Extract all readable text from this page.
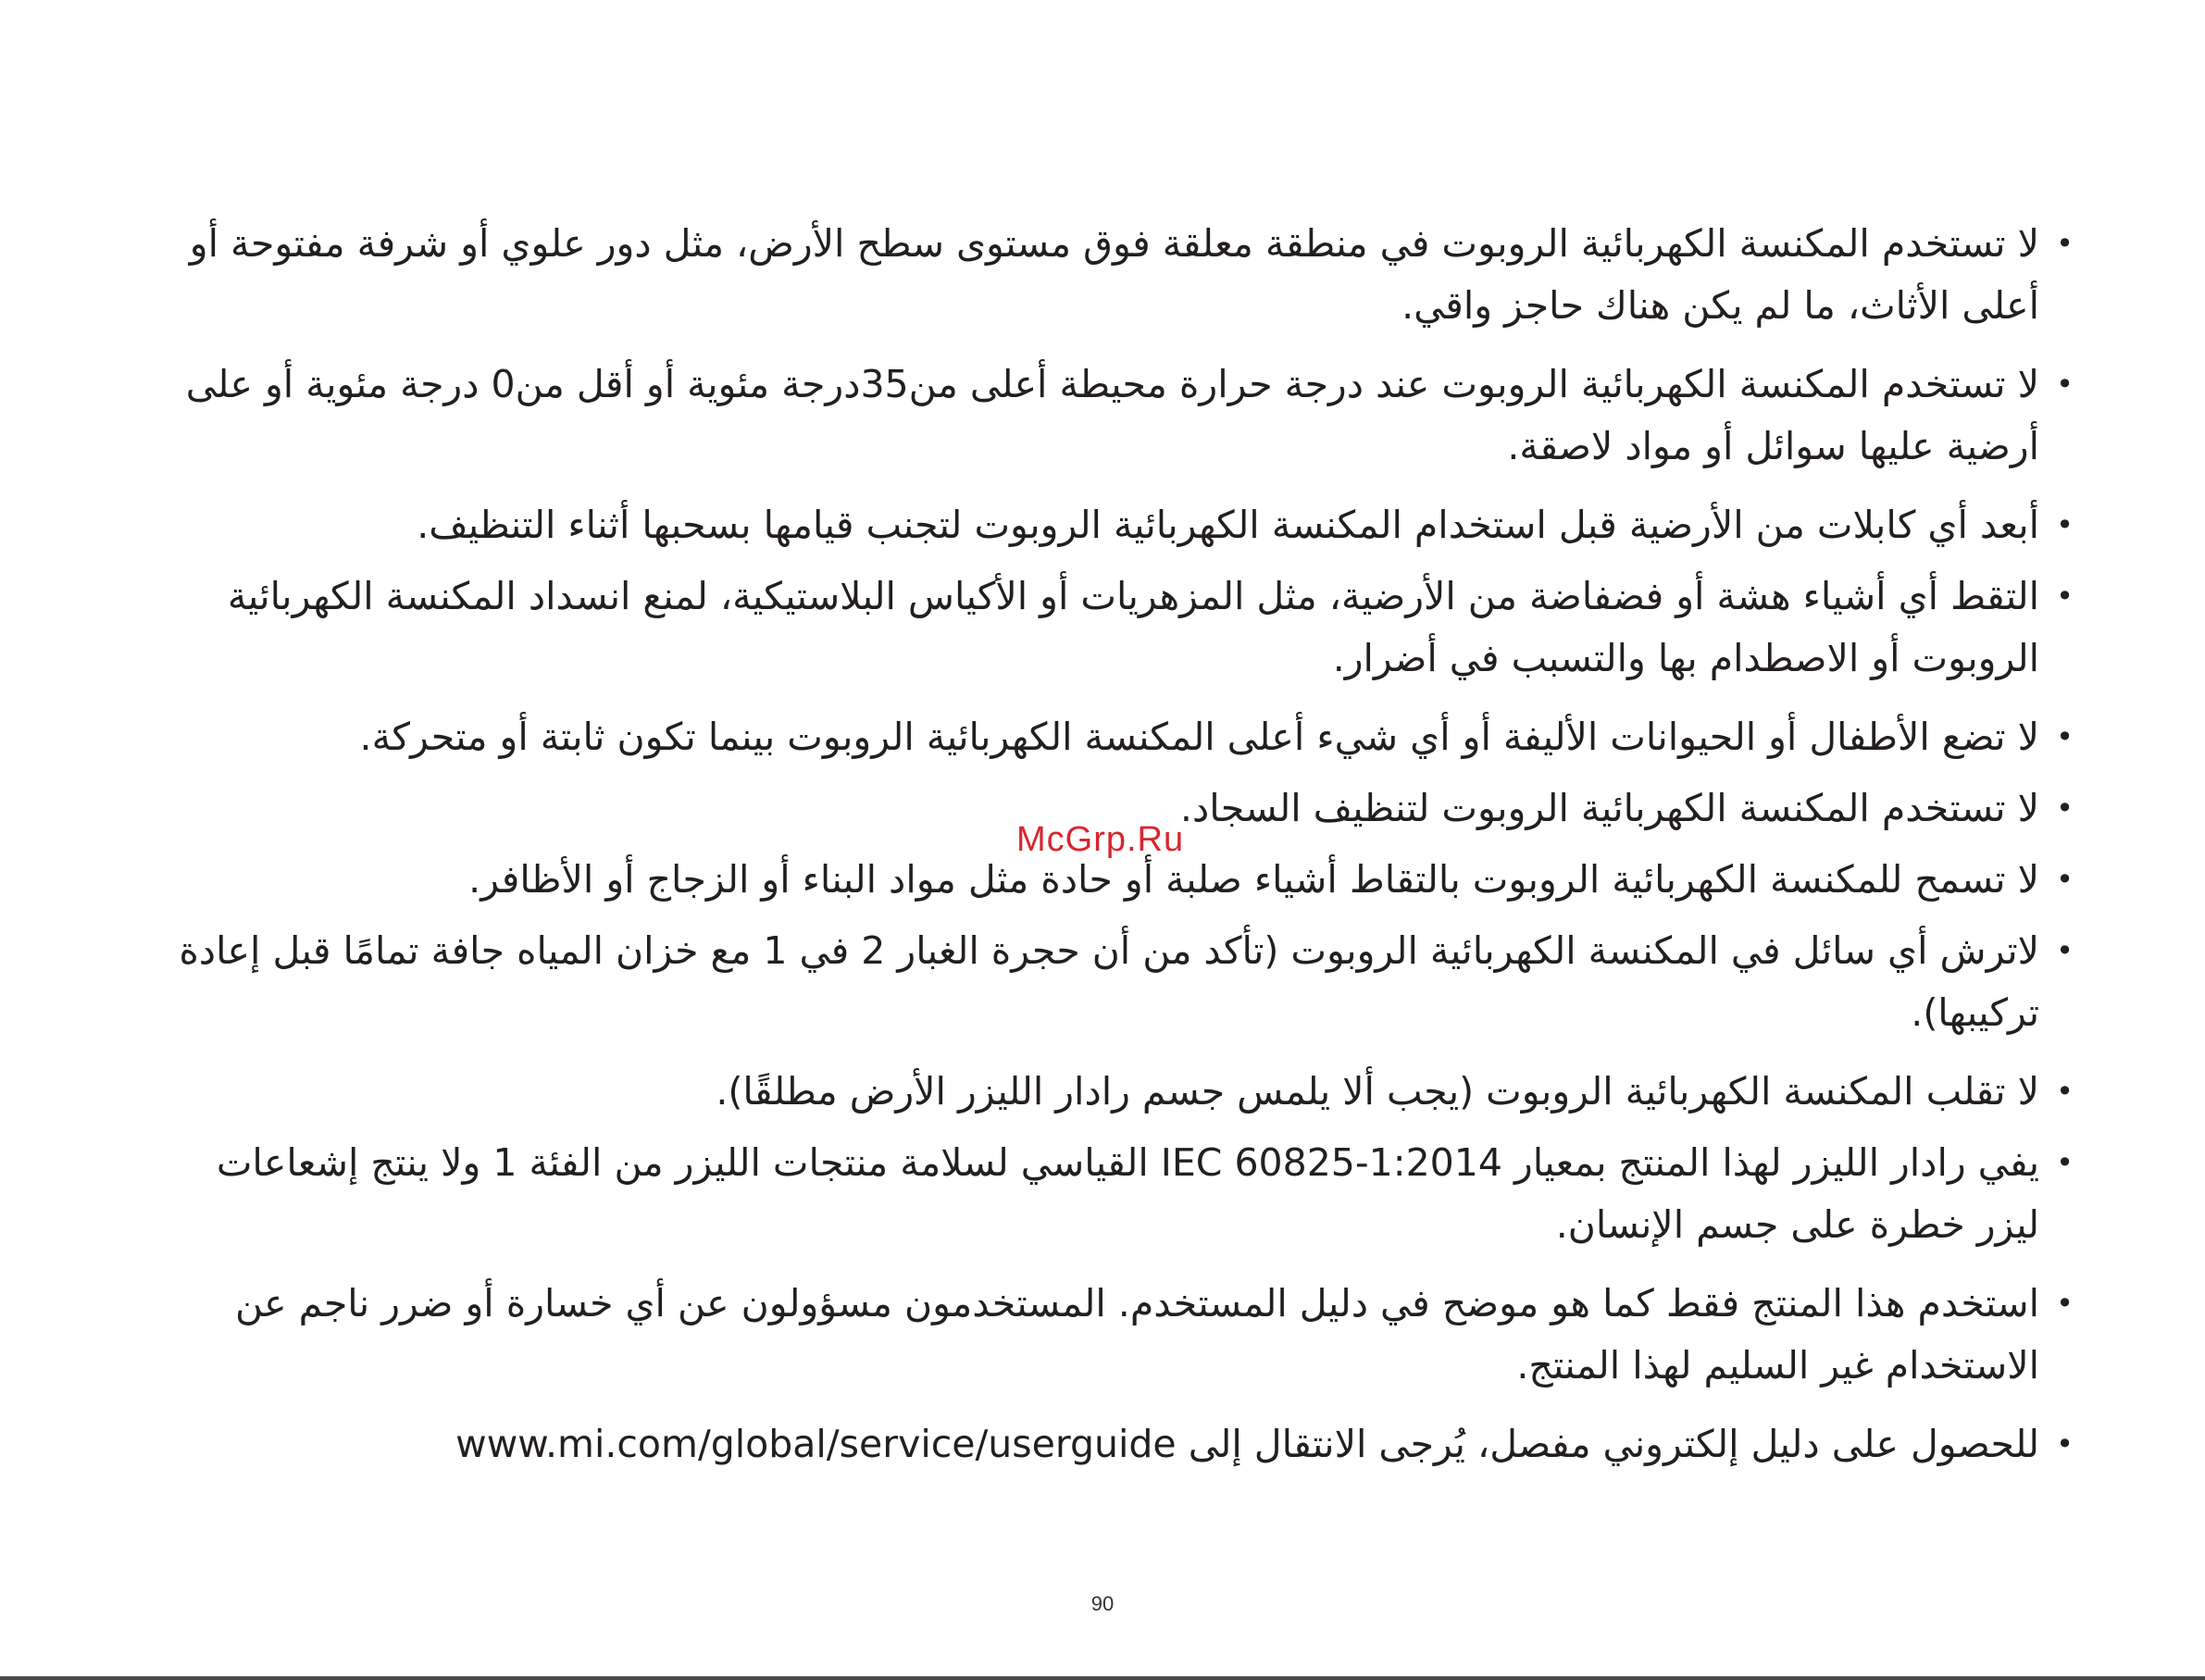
• لا تستخدم المكنسة الكهربائية الروبوت في منطقة معلقة فوق مستوى سطح الأرض، مثل دور علوي أو شرفة مفتوحة أو أعلى الأثاث، ما لم يكن هناك حاجز واقي.
• لا تستخدم المكنسة الكهربائية الروبوت عند درجة حرارة محيطة أعلى من35درجة مئوية أو أقل من0 درجة مئوية أو على أرضية عليها سوائل أو مواد لاصقة.
• أبعد أي كابلات من الأرضية قبل استخدام المكنسة الكهربائية الروبوت لتجنب قيامها بسحبها أثناء التنظيف.
• التقط أي أشياء هشة أو فضفاضة من الأرضية، مثل المزهريات أو الأكياس البلاستيكية، لمنع انسداد المكنسة الكهربائية الروبوت أو الاصطدام بها والتسبب في أضرار.
• لا تضع الأطفال أو الحيوانات الأليفة أو أي شيء أعلى المكنسة الكهربائية الروبوت بينما تكون ثابتة أو متحركة.
• لا تستخدم المكنسة الكهربائية الروبوت لتنظيف السجاد.
• لا تسمح للمكنسة الكهربائية الروبوت بالتقاط أشياء صلبة أو حادة مثل مواد البناء أو الزجاج أو الأظافر.
• لاترش أي سائل في المكنسة الكهربائية الروبوت (تأكد من أن حجرة الغبار 2 في 1 مع خزان المياه جافة تمامًا قبل إعادة تركيبها).
• لا تقلب المكنسة الكهربائية الروبوت (يجب ألا يلمس جسم رادار الليزر الأرض مطلقًا).
• يفي رادار الليزر لهذا المنتج بمعيار IEC 60825-1:2014 القياسي لسلامة منتجات الليزر من الفئة 1 ولا ينتج إشعاعات ليزر خطرة على جسم الإنسان.
• استخدم هذا المنتج فقط كما هو موضح في دليل المستخدم. المستخدمون مسؤولون عن أي خسارة أو ضرر ناجم عن الاستخدام غير السليم لهذا المنتج.
• للحصول على دليل إلكتروني مفصل، يُرجى الانتقال إلى www.mi.com/global/service/userguide
McGrp.Ru
90
